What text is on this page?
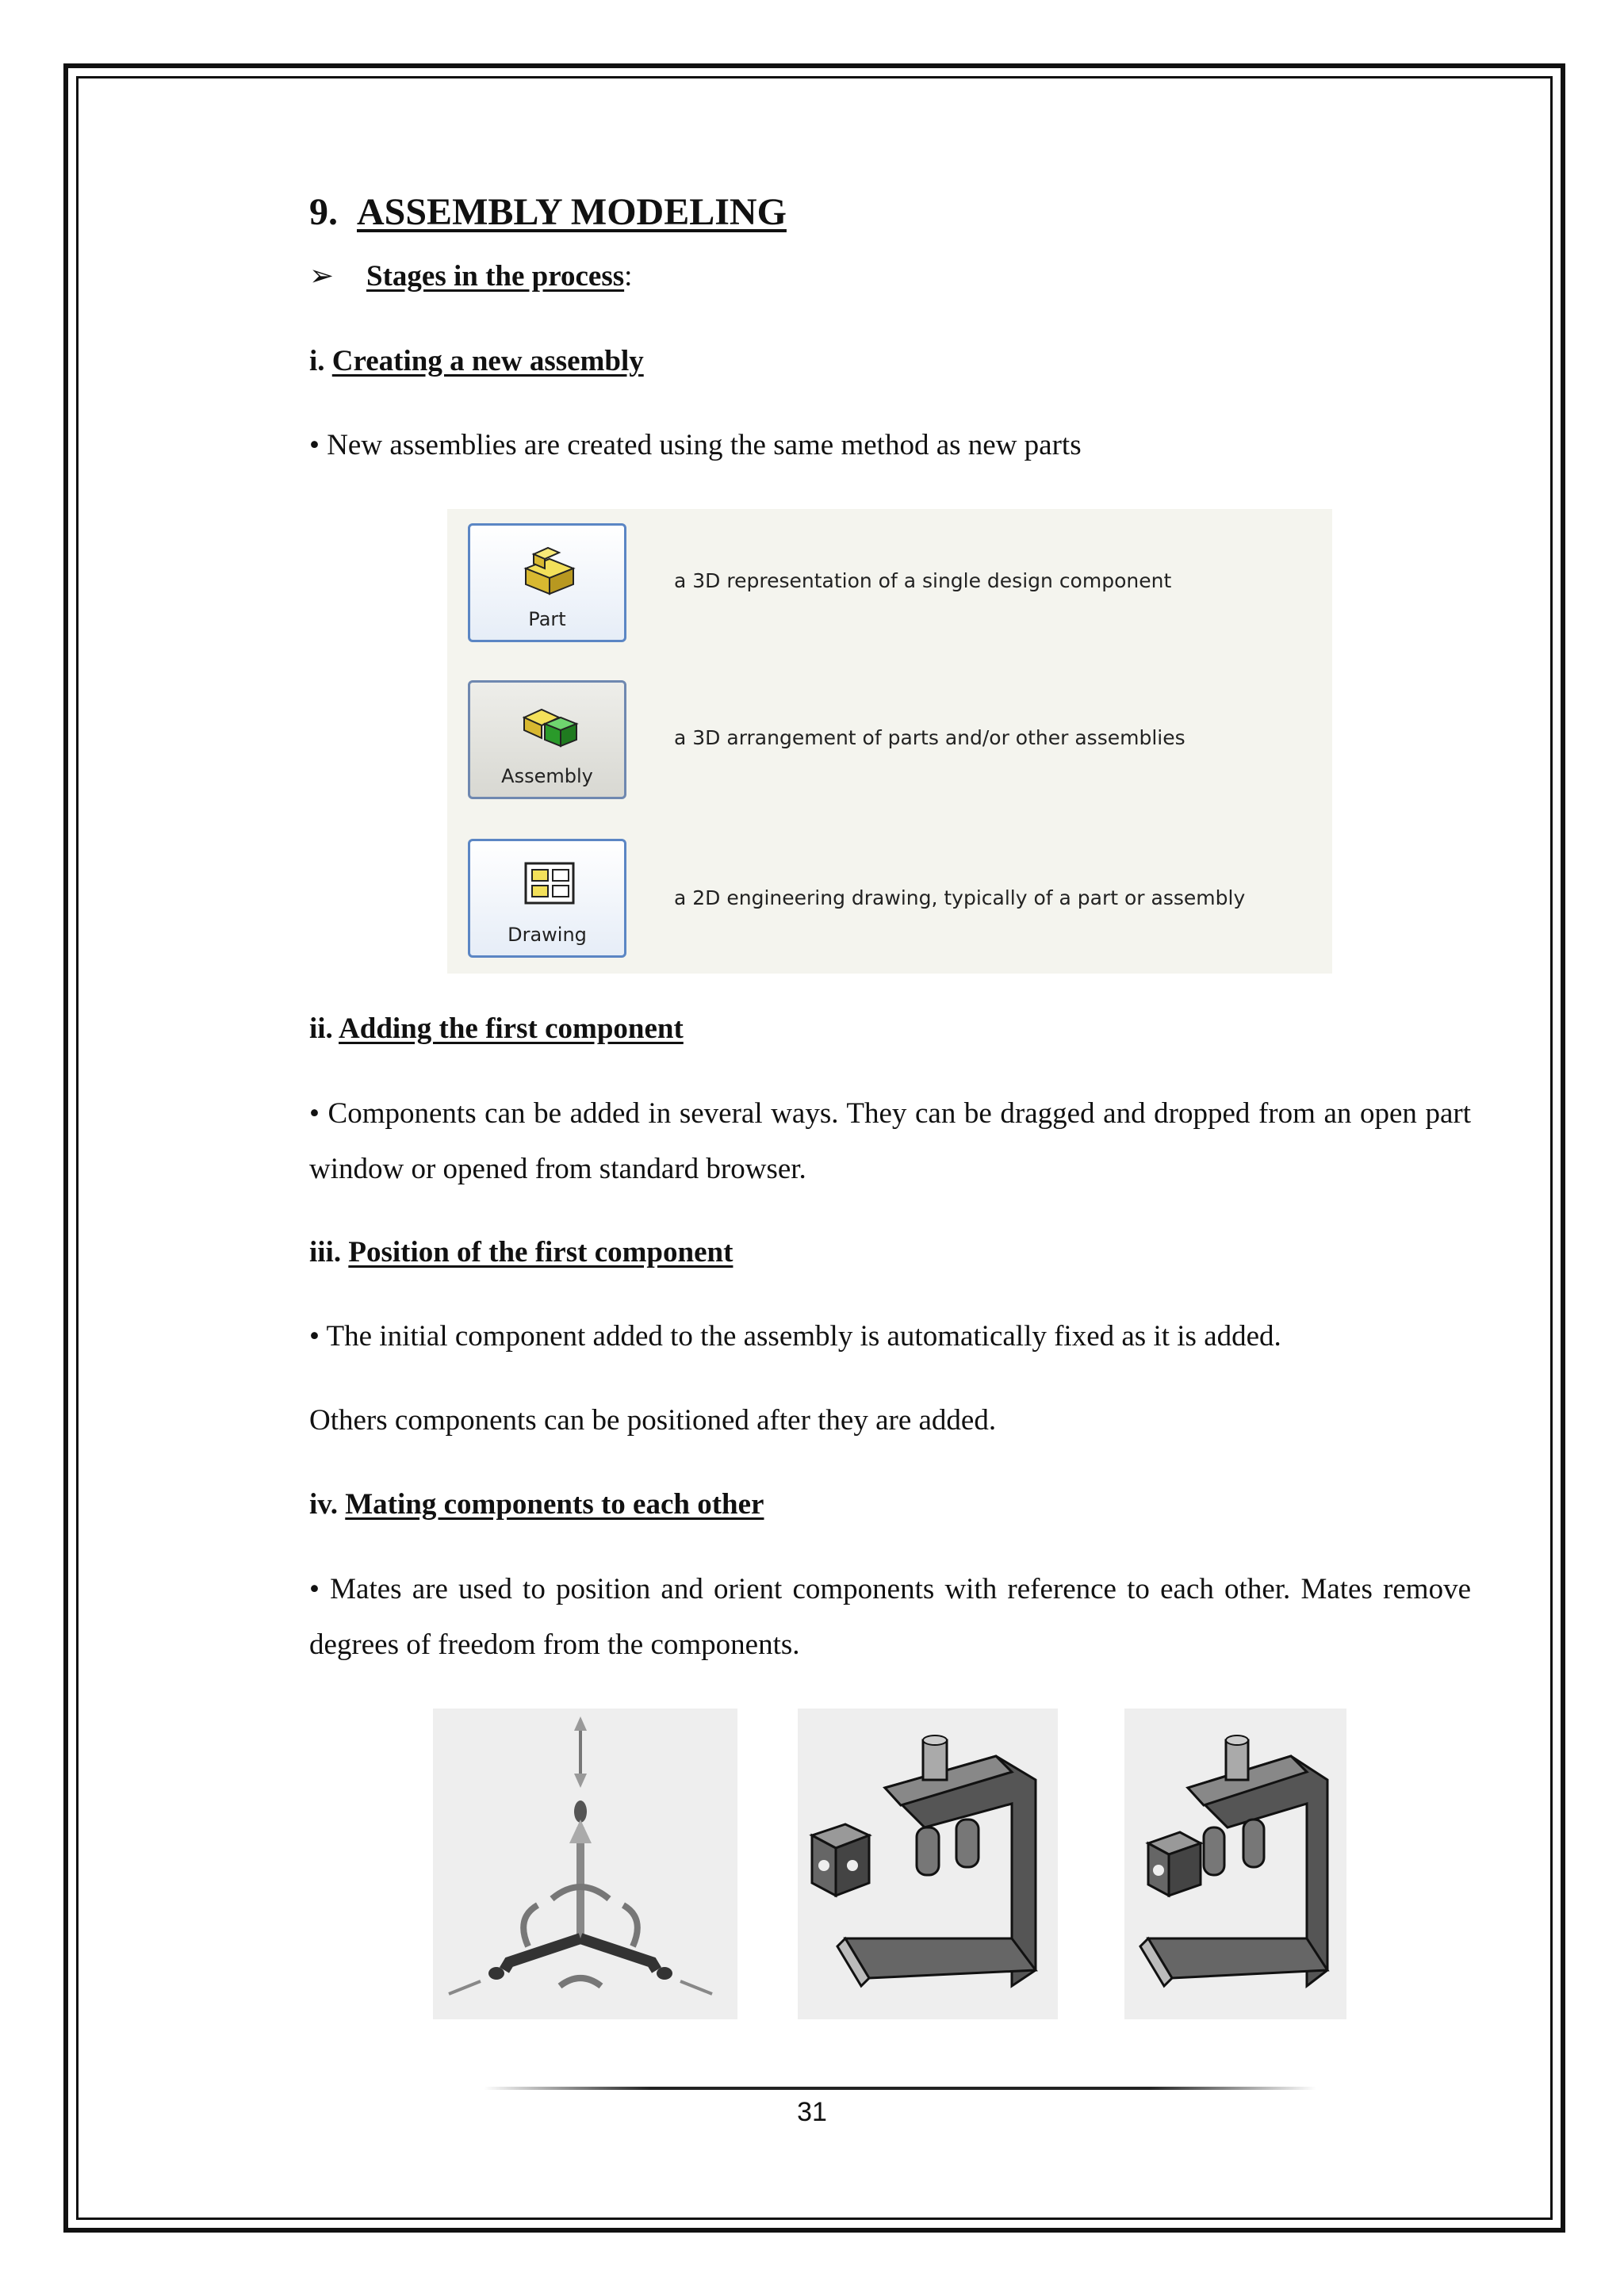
9. ASSEMBLY MODELING
➢ Stages in the process:
i. Creating a new assembly
• New assemblies are created using the same method as new parts
Part
a 3D representation of a single design component
Assembly
a 3D arrangement of parts and/or other assemblies
Drawing
a 2D engineering drawing, typically of a part or assembly
ii. Adding the first component
• Components can be added in several ways. They can be dragged and dropped from an open part window or opened from standard browser.
iii. Position of the first component
• The initial component added to the assembly is automatically fixed as it is added.
Others components can be positioned after they are added.
iv. Mating components to each other
• Mates are used to position and orient components with reference to each other. Mates remove degrees of freedom from the components.
31
